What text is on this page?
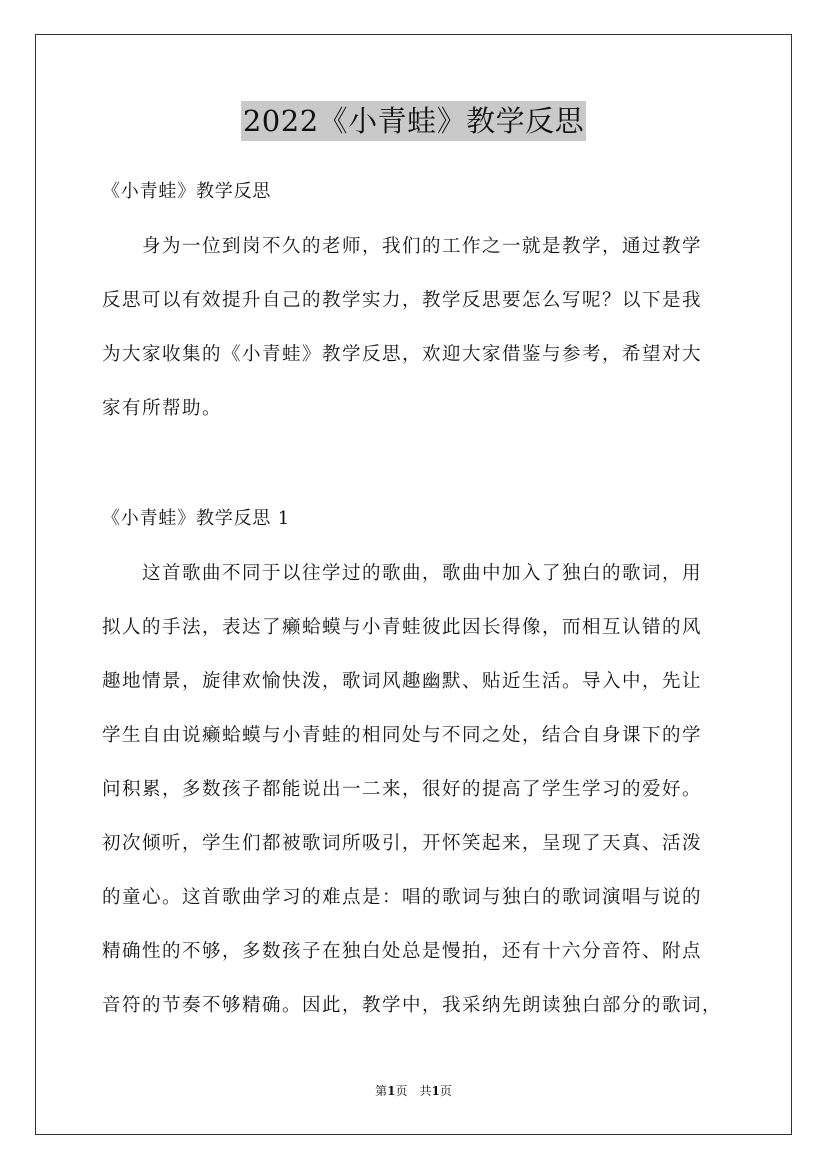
2022《小青蛙》教学反思
《小青蛙》教学反思
　　身为一位到岗不久的老师，我们的工作之一就是教学，通过教学
反思可以有效提升自己的教学实力，教学反思要怎么写呢？以下是我
为大家收集的《小青蛙》教学反思，欢迎大家借鉴与参考，希望对大
家有所帮助。
《小青蛙》教学反思 1
　　这首歌曲不同于以往学过的歌曲，歌曲中加入了独白的歌词，用
拟人的手法，表达了癞蛤蟆与小青蛙彼此因长得像，而相互认错的风
趣地情景，旋律欢愉快泼，歌词风趣幽默、贴近生活。导入中，先让
学生自由说癞蛤蟆与小青蛙的相同处与不同之处，结合自身课下的学
问积累，多数孩子都能说出一二来，很好的提高了学生学习的爱好。
初次倾听，学生们都被歌词所吸引，开怀笑起来，呈现了天真、活泼
的童心。这首歌曲学习的难点是：唱的歌词与独白的歌词演唱与说的
精确性的不够，多数孩子在独白处总是慢拍，还有十六分音符、附点
音符的节奏不够精确。因此，教学中，我采纳先朗读独白部分的歌词，
第1页　共1页
